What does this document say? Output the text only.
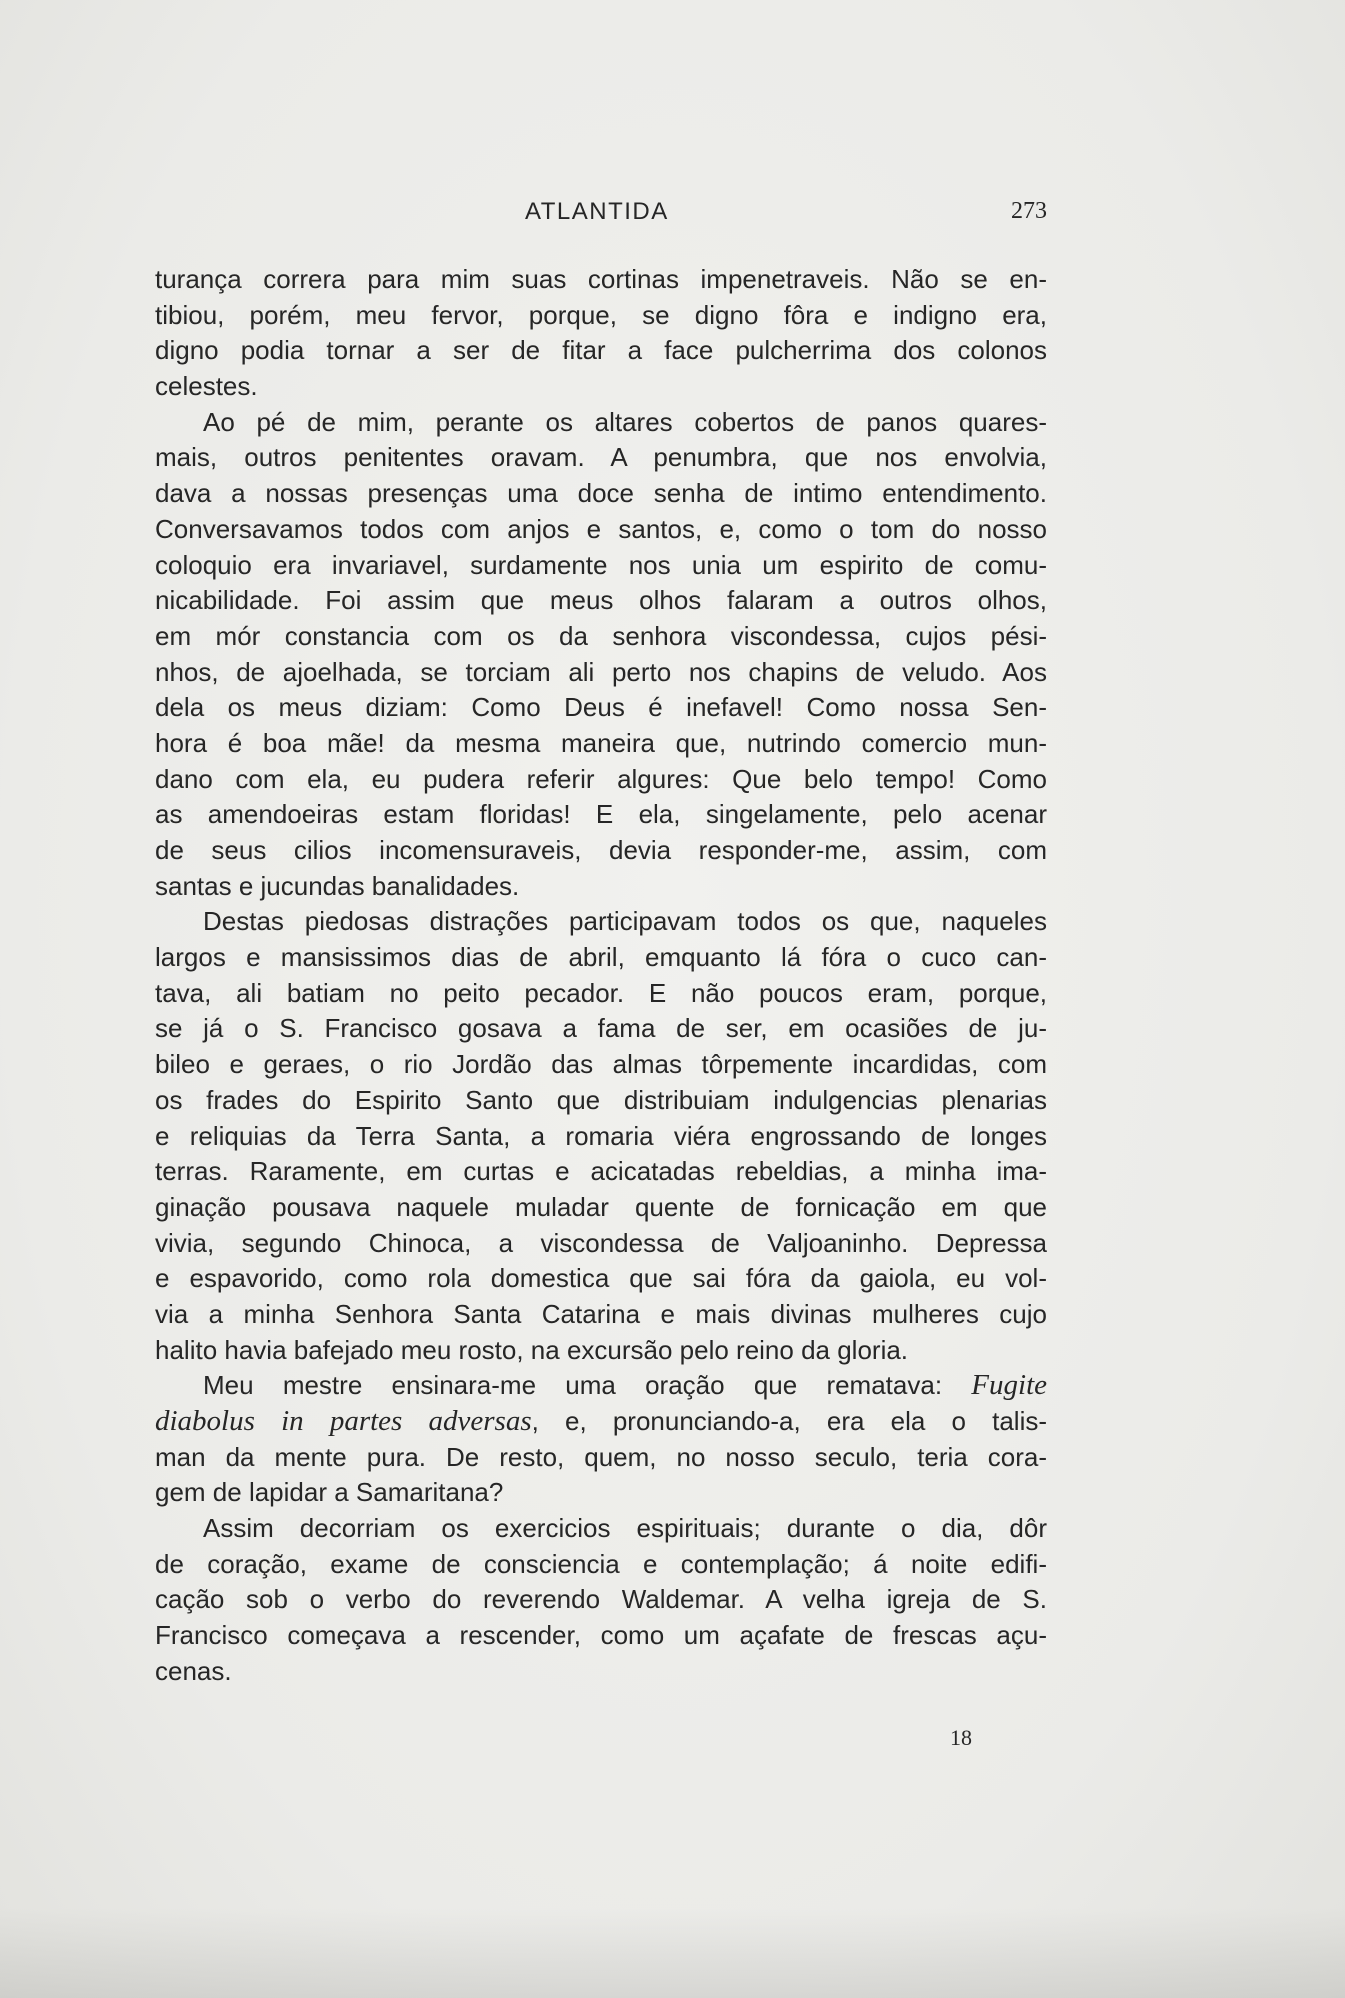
ATLANTIDA	273
turança correra para mim suas cortinas impenetraveis. Não se en-
tibiou, porém, meu fervor, porque, se digno fôra e indigno era,
digno podia tornar a ser de fitar a face pulcherrima dos colonos
celestes.
Ao pé de mim, perante os altares cobertos de panos quares-
mais, outros penitentes oravam. A penumbra, que nos envolvia,
dava a nossas presenças uma doce senha de intimo entendimento.
Conversavamos todos com anjos e santos, e, como o tom do nosso
coloquio era invariavel, surdamente nos unia um espirito de comu-
nicabilidade. Foi assim que meus olhos falaram a outros olhos,
em mór constancia com os da senhora viscondessa, cujos pési-
nhos, de ajoelhada, se torciam ali perto nos chapins de veludo. Aos
dela os meus diziam: Como Deus é inefavel! Como nossa Sen-
hora é boa mãe! da mesma maneira que, nutrindo comercio mun-
dano com ela, eu pudera referir algures: Que belo tempo! Como
as amendoeiras estam floridas! E ela, singelamente, pelo acenar
de seus cilios incomensuraveis, devia responder-me, assim, com
santas e jucundas banalidades.
Destas piedosas distrações participavam todos os que, naqueles
largos e mansissimos dias de abril, emquanto lá fóra o cuco can-
tava, ali batiam no peito pecador. E não poucos eram, porque,
se já o S. Francisco gosava a fama de ser, em ocasiões de ju-
bileo e geraes, o rio Jordão das almas tôrpemente incardidas, com
os frades do Espirito Santo que distribuiam indulgencias plenarias
e reliquias da Terra Santa, a romaria viéra engrossando de longes
terras. Raramente, em curtas e acicatadas rebeldias, a minha ima-
ginação pousava naquele muladar quente de fornicação em que
vivia, segundo Chinoca, a viscondessa de Valjoaninho. Depressa
e espavorido, como rola domestica que sai fóra da gaiola, eu vol-
via a minha Senhora Santa Catarina e mais divinas mulheres cujo
halito havia bafejado meu rosto, na excursão pelo reino da gloria.
Meu mestre ensinara-me uma oração que rematava: Fugite
diabolus in partes adversas, e, pronunciando-a, era ela o talis-
man da mente pura. De resto, quem, no nosso seculo, teria cora-
gem de lapidar a Samaritana?
Assim decorriam os exercicios espirituais; durante o dia, dôr
de coração, exame de consciencia e contemplação; á noite edifi-
cação sob o verbo do reverendo Waldemar. A velha igreja de S.
Francisco começava a rescender, como um açafate de frescas açu-
cenas.
18
